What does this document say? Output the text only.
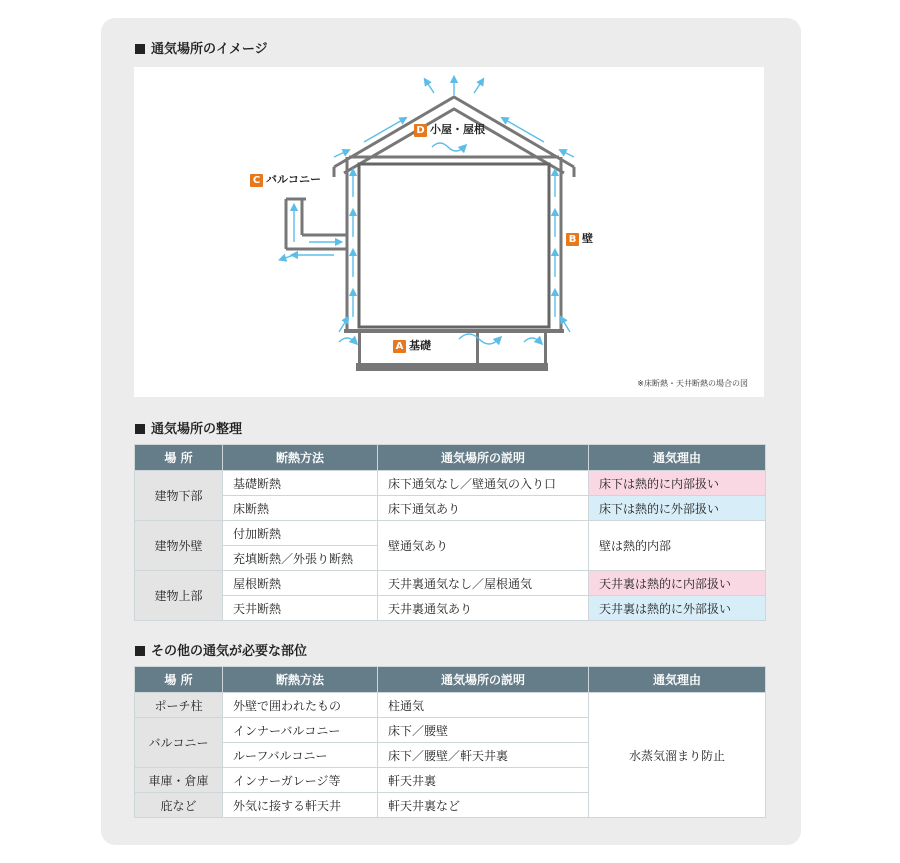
通気場所のイメージ
D 小屋・屋根
C バルコニー
B 壁
A 基礎
※床断熱・天井断熱の場合の図
通気場所の整理
場 所	断熱方法	通気場所の説明	通気理由
建物下部	基礎断熱	床下通気なし／壁通気の入り口	床下は熱的に内部扱い
	床断熱	床下通気あり	床下は熱的に外部扱い
建物外壁	付加断熱	壁通気あり	壁は熱的内部
	充填断熱／外張り断熱		
建物上部	屋根断熱	天井裏通気なし／屋根通気	天井裏は熱的に内部扱い
	天井断熱	天井裏通気あり	天井裏は熱的に外部扱い
その他の通気が必要な部位
場 所	断熱方法	通気場所の説明	通気理由
ポーチ柱	外壁で囲われたもの	柱通気	水蒸気溜まり防止
バルコニー	インナーバルコニー	床下／腰壁	
	ルーフバルコニー	床下／腰壁／軒天井裏	
車庫・倉庫	インナーガレージ等	軒天井裏	
庇など	外気に接する軒天井	軒天井裏など	
